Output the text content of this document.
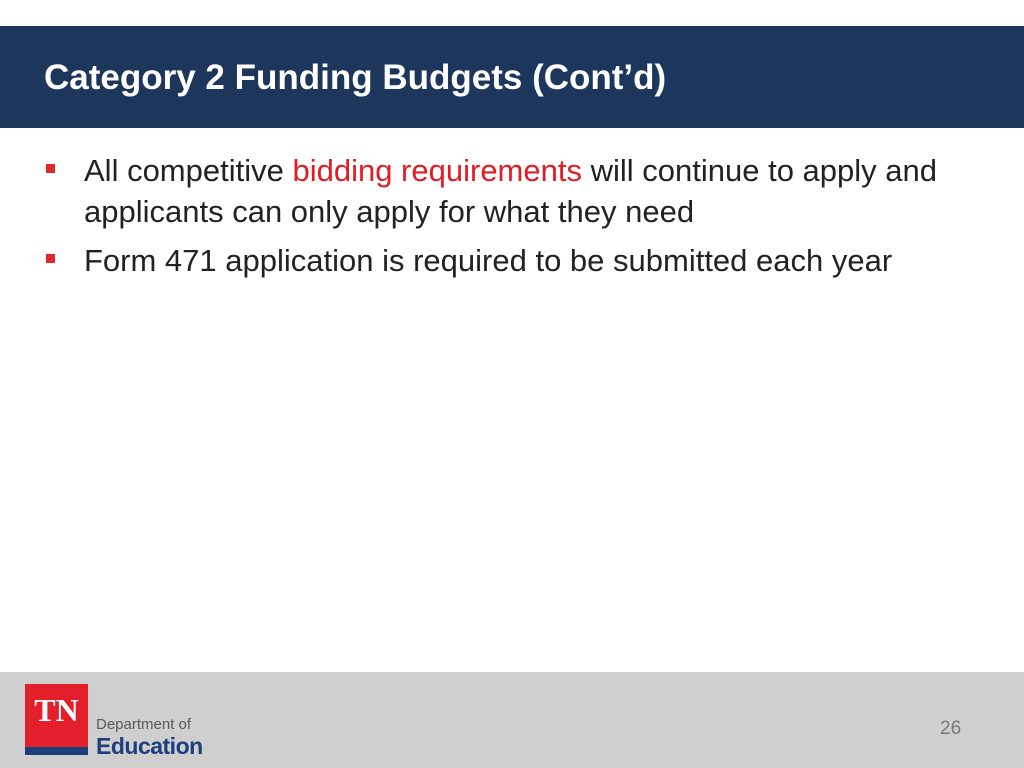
Category 2 Funding Budgets (Cont’d)
All competitive bidding requirements will continue to apply and applicants can only apply for what they need
Form 471 application is required to be submitted each year
TN	Department of
Education
26
